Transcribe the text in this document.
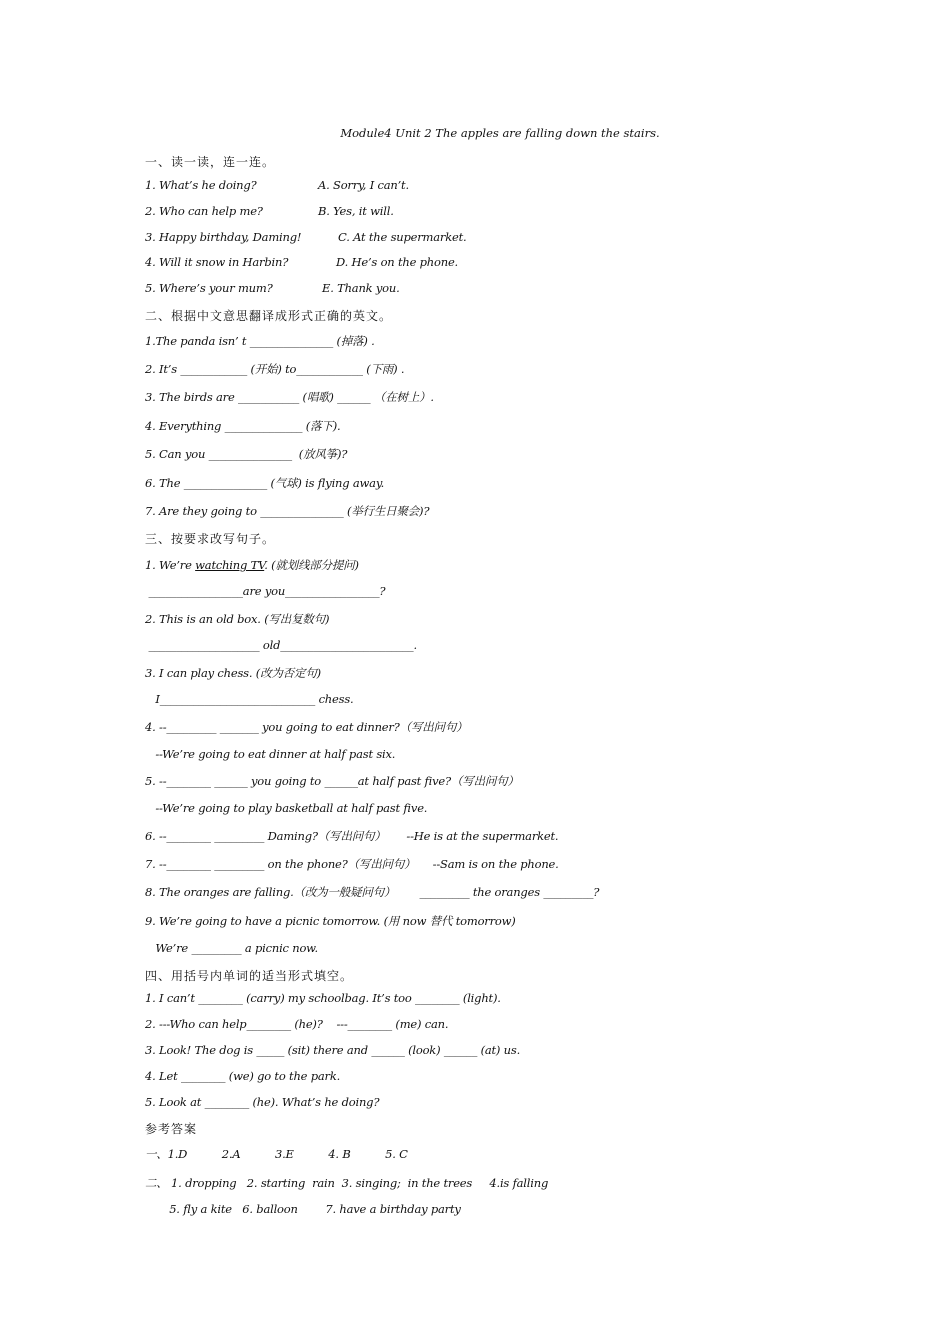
Module4 Unit 2 The apples are falling down the stairs.
一、读一读，连一连。
1. What’s he doing?	A. Sorry, I can’t.
2. Who can help me?	B. Yes, it will.
3. Happy birthday, Daming!	C. At the supermarket.
4. Will it snow in Harbin?	D. He’s on the phone.
5. Where’s your mum?	E. Thank you.
二、根据中文意思翻译成形式正确的英文。
1.The panda isn’ t _______________ (掉落) .
2. It’s ____________ (开始) to____________ (下雨) .
3. The birds are ___________ (唱歌) ______ （在树上）.
4. Everything ______________ (落下).
5. Can you _______________  (放风筝)?
6. The _______________ (气球) is flying away.
7. Are they going to _______________ (举行生日聚会)?
三、按要求改写句子。
1. We’re watching TV. (就划线部分提问)
_________________are you_________________?
2. This is an old box. (写出复数句)
____________________ old________________________.
3. I can play chess. (改为否定句)
I____________________________ chess.
4. --_________ _______ you going to eat dinner?（写出问句）
--We’re going to eat dinner at half past six.
5. --________ ______ you going to ______at half past five?（写出问句）
--We’re going to play basketball at half past five.
6. --________ _________ Daming?（写出问句）      --He is at the supermarket.
7. --________ _________ on the phone?（写出问句）     --Sam is on the phone.
8. The oranges are falling.（改为一般疑问句）       _________ the oranges _________?
9. We’re going to have a picnic tomorrow. (用 now 替代 tomorrow)
We’re _________ a picnic now.
四、用括号内单词的适当形式填空。
1. I can’t ________ (carry) my schoolbag. It’s too ________ (light).
2. ---Who can help________ (he)?    ---________ (me) can.
3. Look! The dog is _____ (sit) there and ______ (look) ______ (at) us.
4. Let ________ (we) go to the park.
5. Look at ________ (he). What’s he doing?
参考答案
一、1.D          2.A          3.E          4. B          5. C
二、 1. dropping   2. starting  rain  3. singing;  in the trees     4.is falling
5. fly a kite   6. balloon        7. have a birthday party
